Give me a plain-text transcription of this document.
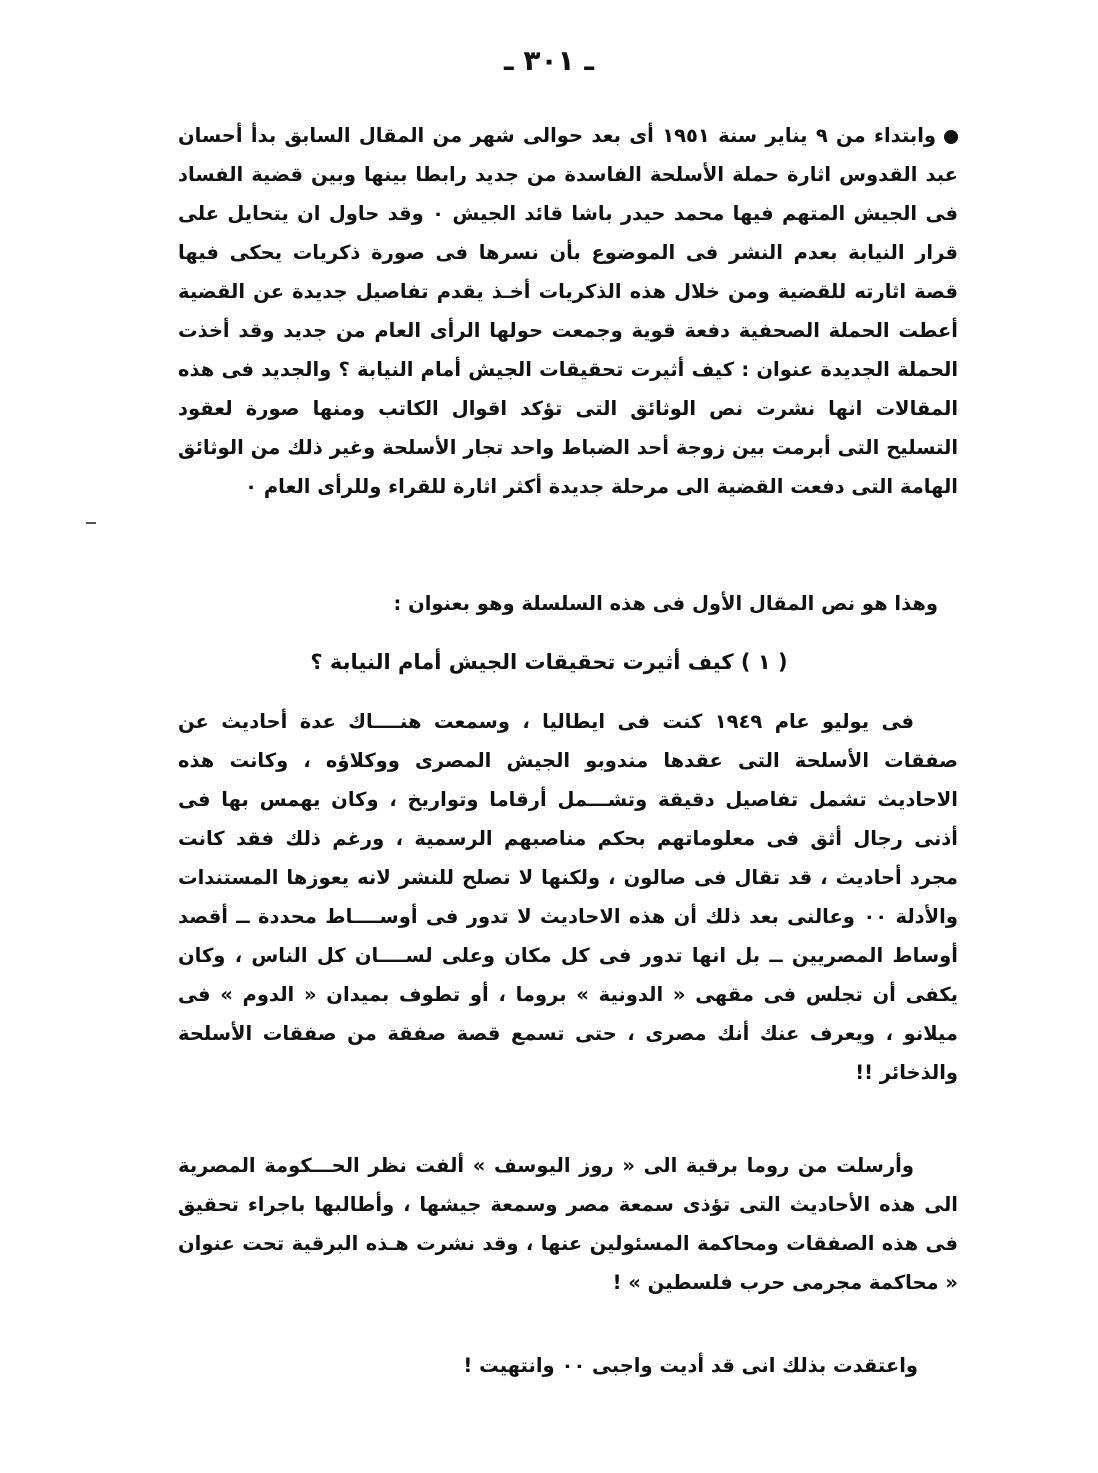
ـ ٣٠١ ـ
وابتداء من ٩ يناير سنة ١٩٥١ أى بعد حوالى شهر من المقال السابق بدأ أحسان عبد القدوس اثارة حملة الأسلحة الفاسدة من جديد رابطا بينها وبين قضية الفساد فى الجيش المتهم فيها محمد حيدر باشا قائد الجيش ٠ وقد حاول ان يتحايل على قرار النيابة بعدم النشر فى الموضوع بأن نسرها فى صورة ذكريات يحكى فيها قصة اثارته للقضية ومن خلال هذه الذكريات أخـذ يقدم تفاصيل جديدة عن القضية أعطت الحملة الصحفية دفعة قوية وجمعت حولها الرأى العام من جديد وقد أخذت الحملة الجديدة عنوان : كيف أثيرت تحقيقات الجيش أمام النيابة ؟ والجديد فى هذه المقالات انها نشرت نص الوثائق التى تؤكد اقوال الكاتب ومنها صورة لعقود التسليح التى أبرمت بين زوجة أحد الضباط واحد تجار الأسلحة وغير ذلك من الوثائق الهامة التى دفعت القضية الى مرحلة جديدة أكثر اثارة للقراء وللرأى العام ٠
وهذا هو نص المقال الأول فى هذه السلسلة وهو بعنوان :
( ١ ) كيف أثيرت تحقيقات الجيش أمام النيابة ؟
فى يوليو عام ١٩٤٩ كنت فى ايطاليا ، وسمعت هنــــاك عدة أحاديث عن صفقات الأسلحة التى عقدها مندوبو الجيش المصرى ووكلاؤه ، وكانت هذه الاحاديث تشمل تفاصيل دقيقة وتشـــمل أرقاما وتواريخ ، وكان يهمس بها فى أذنى رجال أثق فى معلوماتهم بحكم مناصبهم الرسمية ، ورغم ذلك فقد كانت مجرد أحاديث ، قد تقال فى صالون ، ولكنها لا تصلح للنشر لانه يعوزها المستندات والأدلة ٠٠ وعالنى بعد ذلك أن هذه الاحاديث لا تدور فى أوســــاط محددة ــ أقصد أوساط المصريين ــ بل انها تدور فى كل مكان وعلى لســــان كل الناس ، وكان يكفى أن تجلس فى مقهى « الدونية » بروما ، أو تطوف بميدان « الدوم » فى ميلانو ، ويعرف عنك أنك مصرى ، حتى تسمع قصة صفقة من صفقات الأسلحة والذخائر !!
وأرسلت من روما برقية الى « روز اليوسف » ألفت نظر الحـــكومة المصرية الى هذه الأحاديث التى تؤذى سمعة مصر وسمعة جيشها ، وأطالبها باجراء تحقيق فى هذه الصفقات ومحاكمة المسئولين عنها ، وقد نشرت هـذه البرقية تحت عنوان « محاكمة مجرمى حرب فلسطين » !
واعتقدت بذلك انى قد أديت واجبى ٠٠ وانتهيت !
